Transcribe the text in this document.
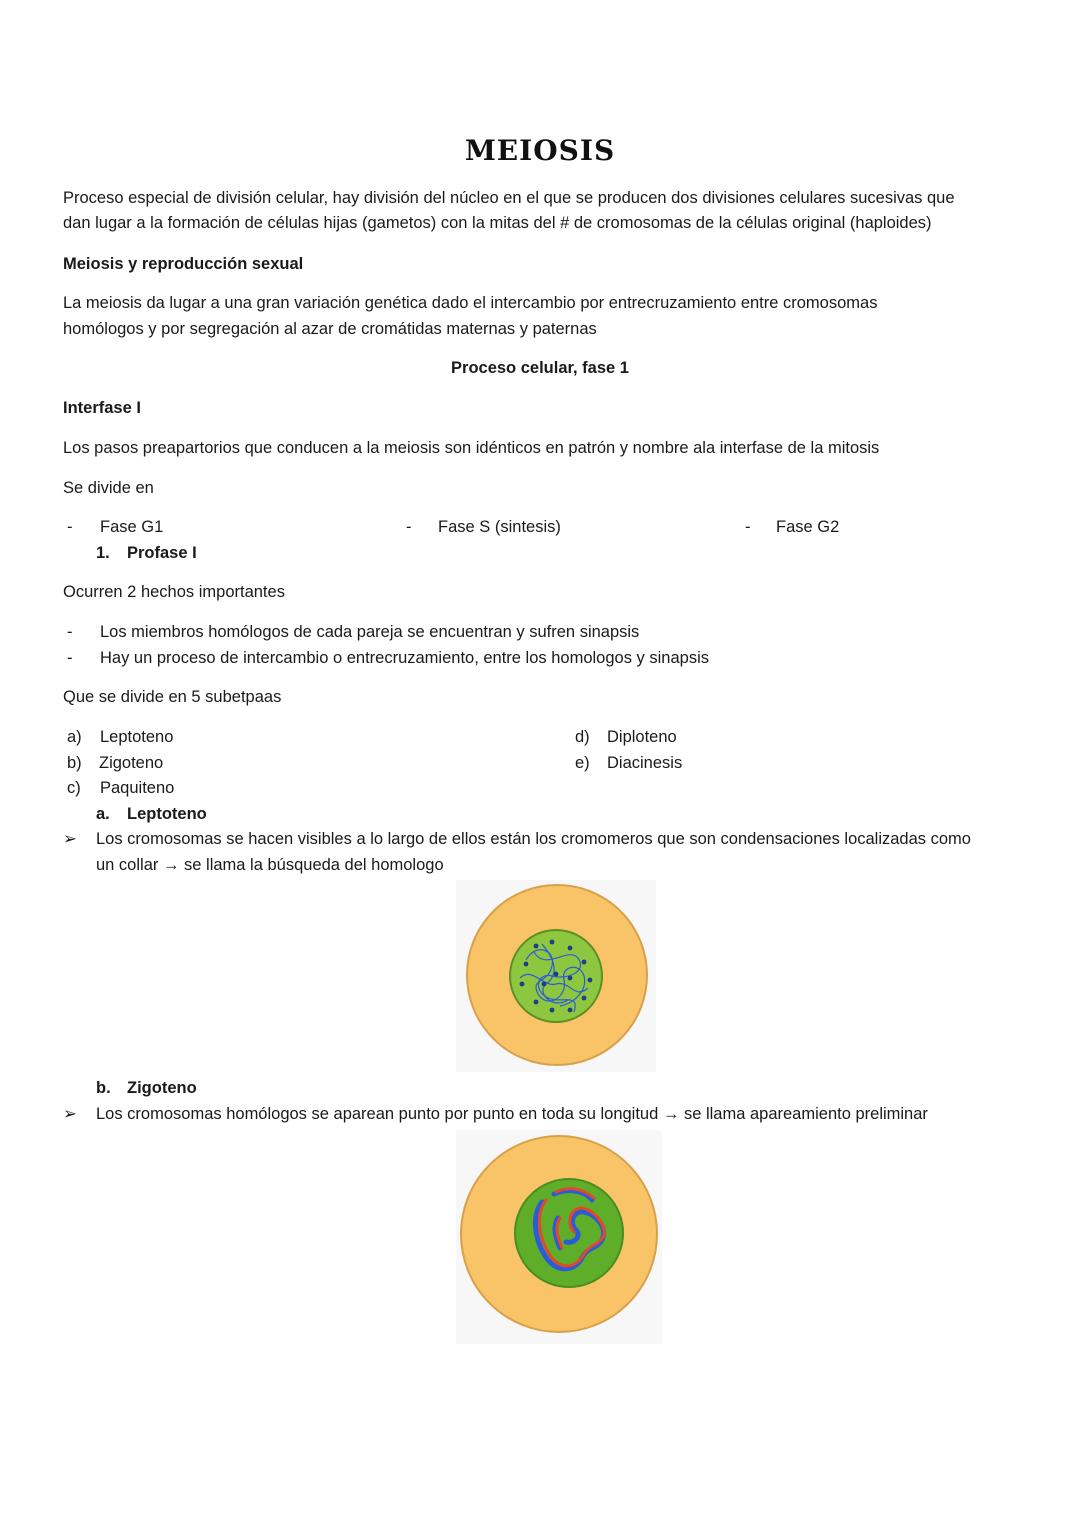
MEIOSIS

Proceso especial de división celular, hay división del núcleo en el que se producen dos divisiones celulares sucesivas que

dan lugar a la formación de células hijas (gametos) con la mitas del # de cromosomas de la células original (haploides)

Meiosis y reproducción sexual

La meiosis da lugar a una gran variación genética dado el intercambio por entrecruzamiento entre cromosomas

homólogos y por segregación al azar de cromátidas maternas y paternas

Proceso celular, fase 1

Interfase I

Los pasos preapartorios que conducen a la meiosis son idénticos en patrón y nombre ala interfase de la mitosis

Se divide en

- Fase G1	- Fase S (sintesis)	- Fase G2
1. Profase I

Ocurren 2 hechos importantes

- Los miembros homólogos de cada pareja se encuentran y sufren sinapsis
- Hay un proceso de intercambio o entrecruzamiento, entre los homologos y sinapsis

Que se divide en 5 subetpaas

a) Leptoteno
b) Zigoteno
c) Paquiteno
d) Diploteno
e) Diacinesis
a. Leptoteno
➢ Los cromosomas se hacen visibles a lo largo de ellos están los cromomeros que son condensaciones localizadas como
un collar → se llama la búsqueda del homologo
b. Zigoteno
➢ Los cromosomas homólogos se aparean punto por punto en toda su longitud → se llama apareamiento preliminar
